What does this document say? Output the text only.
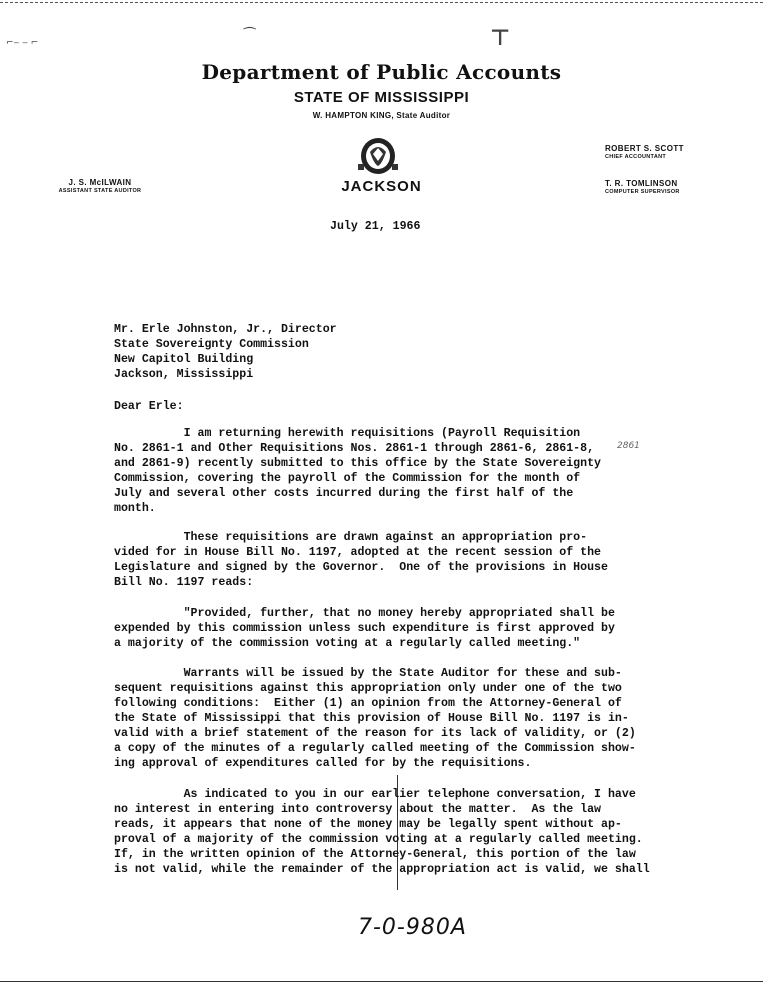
⌐‒ ‒ ⌐	⁀	⊤
Department of Public Accounts
STATE OF MISSISSIPPI
W. HAMPTON KING, State Auditor
JACKSON
J. S. McILWAIN
ASSISTANT STATE AUDITOR
ROBERT S. SCOTT
CHIEF ACCOUNTANT
T. R. TOMLINSON
COMPUTER SUPERVISOR
July 21, 1966
Mr. Erle Johnston, Jr., Director
State Sovereignty Commission
New Capitol Building
Jackson, Mississippi
Dear Erle:
I am returning herewith requisitions (Payroll Requisition
No. 2861-1 and Other Requisitions Nos. 2861-1 through 2861-6, 2861-8,
and 2861-9) recently submitted to this office by the State Sovereignty
Commission, covering the payroll of the Commission for the month of
July and several other costs incurred during the first half of the
month.
2861
These requisitions are drawn against an appropriation pro-
vided for in House Bill No. 1197, adopted at the recent session of the
Legislature and signed by the Governor.  One of the provisions in House
Bill No. 1197 reads:
"Provided, further, that no money hereby appropriated shall be
expended by this commission unless such expenditure is first approved by
a majority of the commission voting at a regularly called meeting."
Warrants will be issued by the State Auditor for these and sub-
sequent requisitions against this appropriation only under one of the two
following conditions:  Either (1) an opinion from the Attorney-General of
the State of Mississippi that this provision of House Bill No. 1197 is in-
valid with a brief statement of the reason for its lack of validity, or (2)
a copy of the minutes of a regularly called meeting of the Commission show-
ing approval of expenditures called for by the requisitions.
As indicated to you in our earlier telephone conversation, I have
no interest in entering into controversy about the matter.  As the law
reads, it appears that none of the money may be legally spent without ap-
proval of a majority of the commission voting at a regularly called meeting.
If, in the written opinion of the Attorney-General, this portion of the law
is not valid, while the remainder of the appropriation act is valid, we shall
7-0-980A
